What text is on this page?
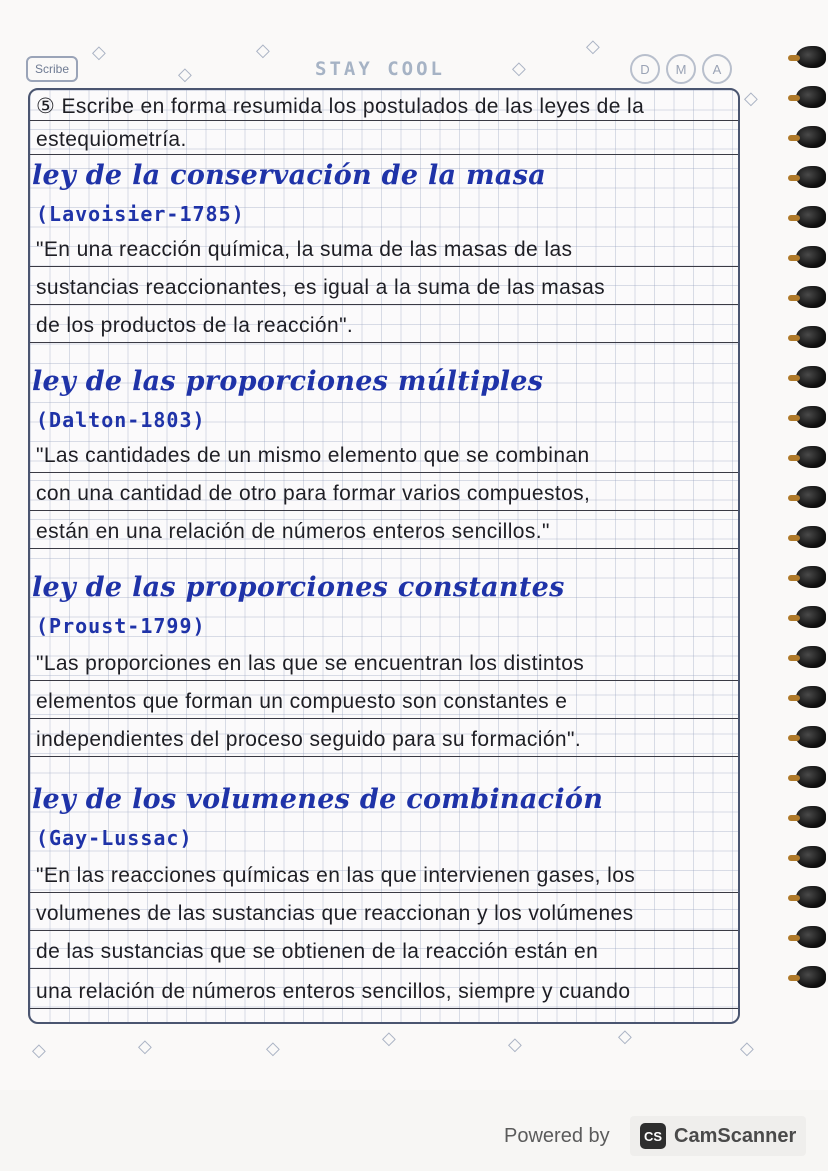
Scribe	STAY COOL	D	M	A
◇
◇
◇
◇
◇
◇
◇	◇	◇	◇	◇	◇
◇
⑤ Escribe en forma resumida los postulados de las leyes de la
estequiometría.
ley de la conservación de la masa
(Lavoisier-1785)
"En una reacción química, la suma de las masas de las
sustancias reaccionantes, es igual a la suma de las masas
de los productos de la reacción".
ley de las proporciones múltiples
(Dalton-1803)
"Las cantidades de un mismo elemento que se combinan
con una cantidad de otro para formar varios compuestos,
están en una relación de números enteros sencillos."
ley de las proporciones constantes
(Proust-1799)
"Las proporciones en las que se encuentran los distintos
elementos que forman un compuesto son constantes e
independientes del proceso seguido para su formación".
ley de los volumenes de combinación
(Gay-Lussac)
"En las reacciones químicas en las que intervienen gases, los
volumenes de las sustancias que reaccionan y los volúmenes
de las sustancias que se obtienen de la reacción están en
una relación de números enteros sencillos, siempre y cuando
Powered by	CS CamScanner
